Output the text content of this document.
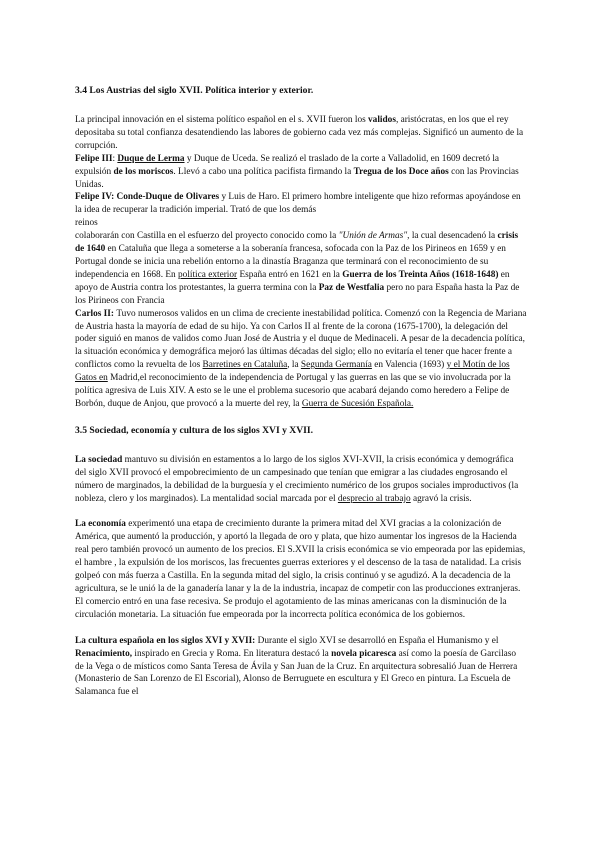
3.4 Los Austrias del siglo XVII. Política interior y exterior.

La principal innovación en el sistema político español en el s. XVII fueron los validos, aristócratas, en los que el rey depositaba su total confianza desatendiendo las labores de gobierno cada vez más complejas. Significó un aumento de la corrupción.

Felipe III: Duque de Lerma y Duque de Uceda. Se realizó el traslado de la corte a Valladolid, en 1609 decretó la expulsión de los moriscos. Llevó a cabo una política pacifista firmando la Tregua de los Doce años con las Provincias Unidas.

Felipe IV: Conde-Duque de Olivares y Luis de Haro. El primero hombre inteligente que hizo reformas apoyándose en la idea de recuperar la tradición imperial. Trató de que los demás

reinos

colaborarán con Castilla en el esfuerzo del proyecto conocido como la "Unión de Armas", la cual desencadenó la crisis de 1640 en Cataluña que llega a someterse a la soberanía francesa, sofocada con la Paz de los Pirineos en 1659 y en Portugal donde se inicia una rebelión entorno a la dinastía Braganza que terminará con el reconocimiento de su independencia en 1668. En política exterior España entró en 1621 en la Guerra de los Treinta Años (1618-1648) en apoyo de Austria contra los protestantes, la guerra termina con la Paz de Westfalia pero no para España hasta la Paz de los Pirineos con Francia

Carlos II: Tuvo numerosos validos en un clima de creciente inestabilidad política. Comenzó con la Regencia de Mariana de Austria hasta la mayoría de edad de su hijo. Ya con Carlos II al frente de la corona (1675-1700), la delegación del poder siguió en manos de validos como Juan José de Austria y el duque de Medinaceli. A pesar de la decadencia política, la situación económica y demográfica mejoró las últimas décadas del siglo; ello no evitaría el tener que hacer frente a conflictos como la revuelta de los Barretines en Cataluña, la Segunda Germanía en Valencia (1693) y el Motín de los Gatos en Madrid,el reconocimiento de la independencia de Portugal y las guerras en las que se vio involucrada por la política agresiva de Luis XIV. A esto se le une el problema sucesorio que acabará dejando como heredero a Felipe de Borbón, duque de Anjou, que provocó a la muerte del rey, la Guerra de Sucesión Española.

3.5 Sociedad, economía y cultura de los siglos XVI y XVII.

La sociedad mantuvo su división en estamentos a lo largo de los siglos XVI-XVII, la crisis económica y demográfica del siglo XVII provocó el empobrecimiento de un campesinado que tenían que emigrar a las ciudades engrosando el número de marginados, la debilidad de la burguesía y el crecimiento numérico de los grupos sociales improductivos (la nobleza, clero y los marginados). La mentalidad social marcada por el desprecio al trabajo agravó la crisis.

La economía experimentó una etapa de crecimiento durante la primera mitad del XVI gracias a la colonización de América, que aumentó la producción, y aportó la llegada de oro y plata, que hizo aumentar los ingresos de la Hacienda real pero también provocó un aumento de los precios. El S.XVII la crisis económica se vio empeorada por las epidemias, el hambre , la expulsión de los moriscos, las frecuentes guerras exteriores y el descenso de la tasa de natalidad. La crisis golpeó con más fuerza a Castilla. En la segunda mitad del siglo, la crisis continuó y se agudizó. A la decadencia de la agricultura, se le unió la de la ganadería lanar y la de la industria, incapaz de competir con las producciones extranjeras. El comercio entró en una fase recesiva. Se produjo el agotamiento de las minas americanas con la disminución de la circulación monetaria. La situación fue empeorada por la incorrecta política económica de los gobiernos.

La cultura española en los siglos XVI y XVII: Durante el siglo XVI se desarrolló en España el Humanismo y el Renacimiento, inspirado en Grecia y Roma. En literatura destacó la novela picaresca así como la poesía de Garcilaso de la Vega o de místicos como Santa Teresa de Ávila y San Juan de la Cruz. En arquitectura sobresalió Juan de Herrera (Monasterio de San Lorenzo de El Escorial), Alonso de Berruguete en escultura y El Greco en pintura. La Escuela de Salamanca fue el
